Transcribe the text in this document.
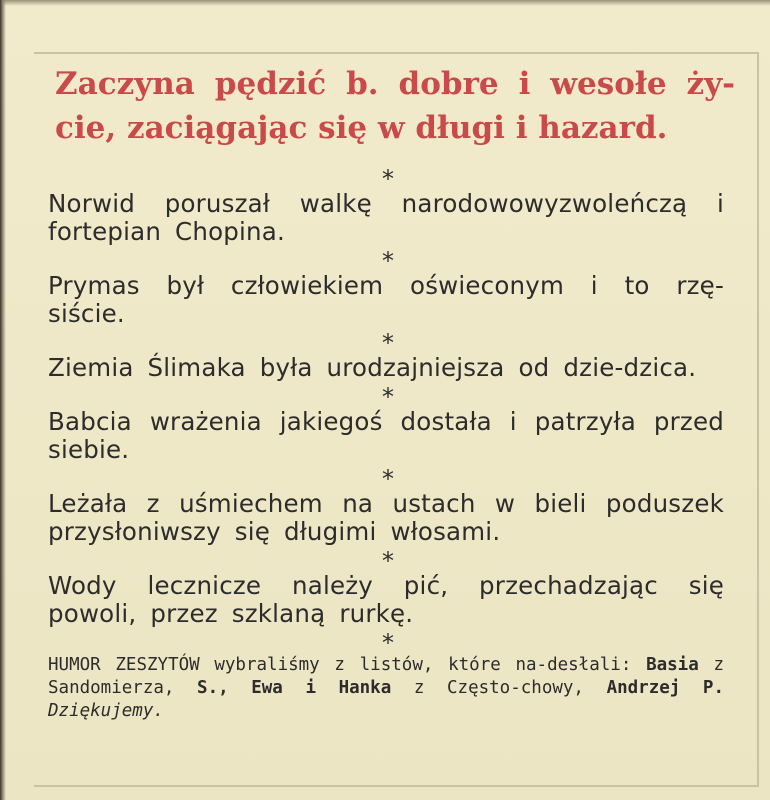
Zaczyna pędzić b. dobre i wesołe ży-cie, zaciągając się w długi i hazard.
*

Norwid poruszał walkę narodowowyzwoleńczą i fortepian Chopina.

*

Prymas był człowiekiem oświeconym i to rzę-siście.

*

Ziemia Ślimaka była urodzajniejsza od dzie-dzica.

*

Babcia wrażenia jakiegoś dostała i patrzyła przed siebie.

*

Leżała z uśmiechem na ustach w bieli poduszek przysłoniwszy się długimi włosami.

*

Wody lecznicze należy pić, przechadzając się powoli, przez szklaną rurkę.

*

HUMOR ZESZYTÓW wybraliśmy z listów, które na-desłali: Basia z Sandomierza, S., Ewa i Hanka z Często-chowy, Andrzej P. Dziękujemy.
